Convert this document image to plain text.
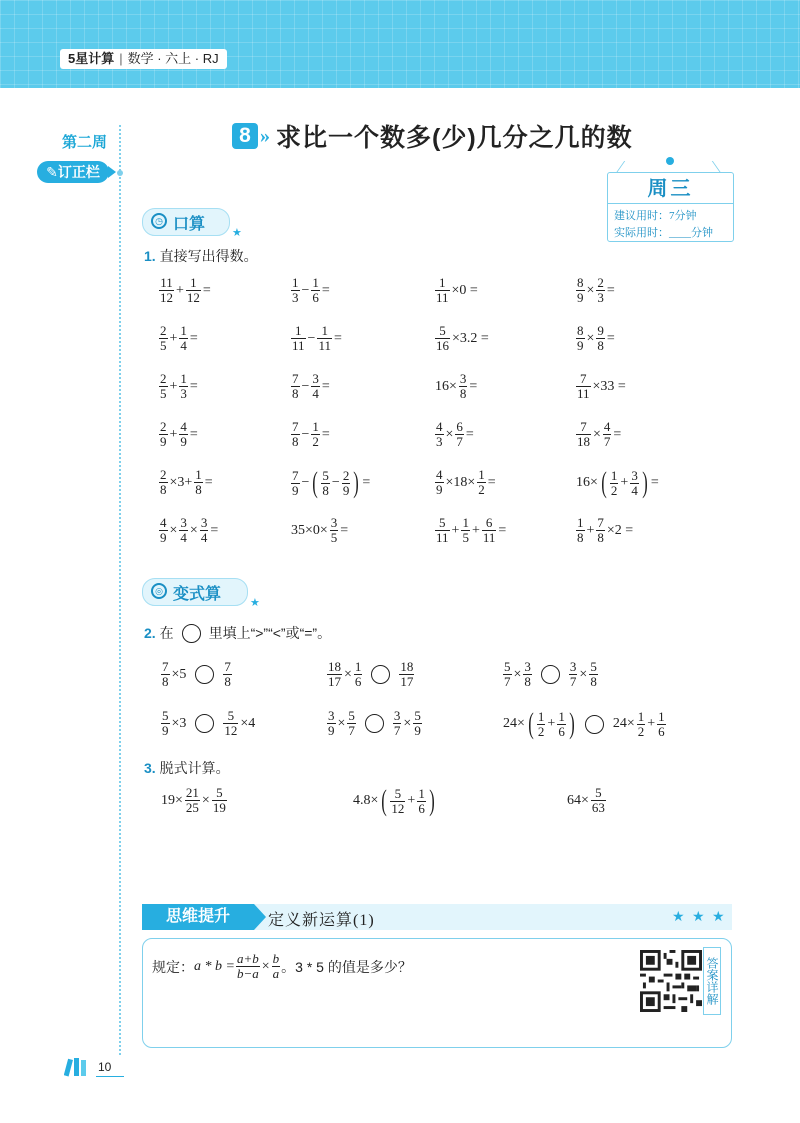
5星计算 | 数学 · 六上 · RJ
第二周
✎订正栏
8 » 求比一个数多(少)几分之几的数
周三
建议用时：7分钟
实际用时：____分钟
◷ 口算 ★
1. 直接写出得数。
$\frac{11}{12} + \frac{1}{12}$ =	$\frac{1}{3} - \frac{1}{6}$ =	$\frac{1}{11} \times 0$ =	$\frac{8}{9} \times \frac{2}{3}$ =
$\frac{2}{5} + \frac{1}{4}$ =	$\frac{1}{11} - \frac{1}{11}$ =	$\frac{5}{16} \times 3.2$ =	$\frac{8}{9} \times \frac{9}{8}$ =
$\frac{2}{5} + \frac{1}{3}$ =	$\frac{7}{8} - \frac{3}{4}$ =	$16\times \frac{3}{8}$ =	$\frac{7}{11} \times 33$ =
$\frac{2}{9} + \frac{4}{9}$ =	$\frac{7}{8} - \frac{1}{2}$ =	$\frac{4}{3} \times \frac{6}{7}$ =	$\frac{7}{18} \times \frac{4}{7}$ =
$\frac{2}{8} \times 3+ \frac{1}{8}$ =	$\frac{7}{9}$ − ( $\frac{5}{8} - \frac{2}{9}$ ) =	$\frac{4}{9} \times 18\times \frac{1}{2}$ =	16× ( $\frac{1}{2} + \frac{3}{4}$ ) =
$\frac{4}{9} \times \frac{3}{4} \times \frac{3}{4}$ =	$35\times 0\times \frac{3}{5}$ =	$\frac{5}{11} + \frac{1}{5} + \frac{6}{11}$ =	$\frac{1}{8} + \frac{7}{8} \times 2$ =
◎ 变式算	★
2.
在	里填上“>”“<”或“=”。
$\frac{7}{8} \times 5$	$\frac{7}{8}$	$\frac{18}{17} \times \frac{1}{6}$	$\frac{18}{17}$	$\frac{5}{7} \times \frac{3}{8}$	$\frac{3}{7} \times \frac{5}{8}$
$\frac{5}{9} \times 3$	$\frac{5}{12} \times 4$	$\frac{3}{9} \times \frac{5}{7}$	$\frac{3}{7} \times \frac{5}{9}$	24× ( $\frac{1}{2} + \frac{1}{6}$ )	$24\times \frac{1}{2} + \frac{1}{6}$
3. 脱式计算。
$19\times \frac{21}{25} \times \frac{5}{19}$	4.8× ( $\frac{5}{12} + \frac{1}{6}$ )	$64\times \frac{5}{63}$
思维提升	定义新运算(1)	★ ★ ★
规定： $a * b = \frac{a+b}{b-a} \times \frac{b}{a}$ 。3 * 5 的值是多少？	答案详解
10
